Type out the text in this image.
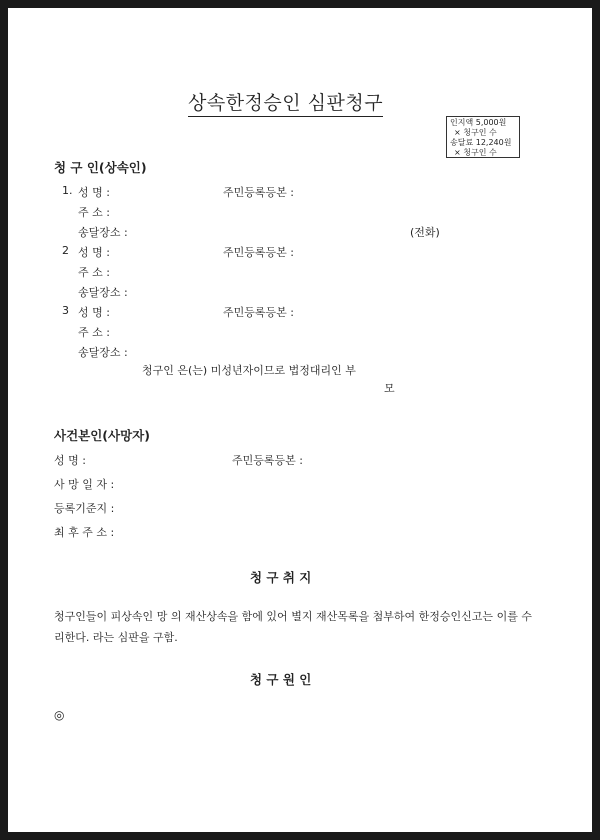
상속한정승인 심판청구
인지액 5,000원
× 청구인 수
송달료 12,240원
× 청구인 수
청 구 인(상속인)
1. 성 명 :	주민등록등본 :
주 소 :
송달장소 :	(전화)
2 성 명 :	주민등록등본 :
주 소 :
송달장소 :
3 성 명 :	주민등록등본 :
주 소 :
송달장소 :
청구인 은(는) 미성년자이므로 법정대리인 부
모
사건본인(사망자)
성 명 :	주민등록등본 :
사 망 일 자 :
등록기준지 :
최 후 주 소 :
청 구 취 지
청구인들이 피상속인 망 의 재산상속을 함에 있어 별지 재산목록을 첨부하여 한정승인신고는 이를 수리한다. 라는 심판을 구함.
청 구 원 인
◎
